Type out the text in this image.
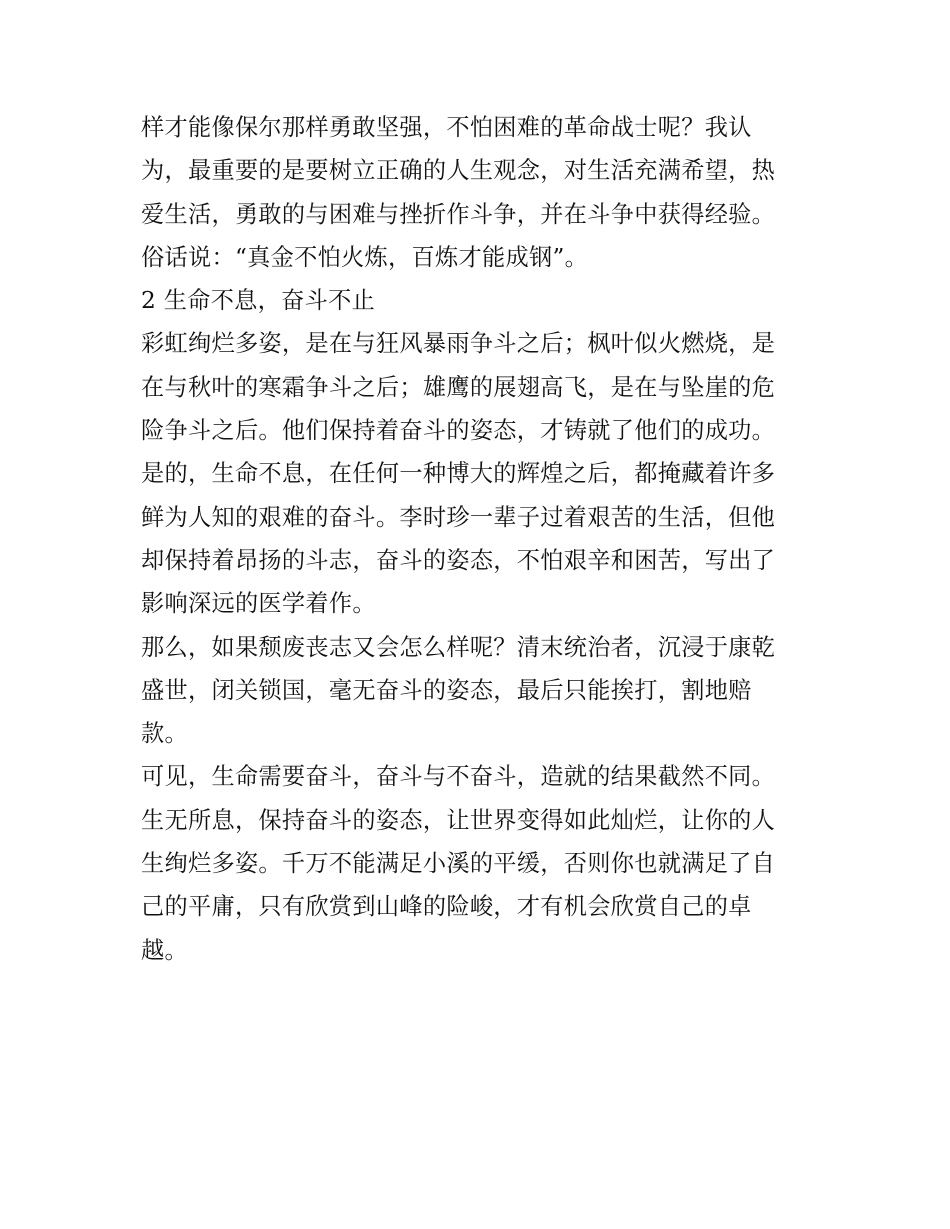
样才能像保尔那样勇敢坚强，不怕困难的革命战士呢？我认
为，最重要的是要树立正确的人生观念，对生活充满希望，热
爱生活，勇敢的与困难与挫折作斗争，并在斗争中获得经验。
俗话说：“真金不怕火炼，百炼才能成钢”。
2 生命不息，奋斗不止
彩虹绚烂多姿，是在与狂风暴雨争斗之后；枫叶似火燃烧，是
在与秋叶的寒霜争斗之后；雄鹰的展翅高飞，是在与坠崖的危
险争斗之后。他们保持着奋斗的姿态，才铸就了他们的成功。
是的，生命不息，在任何一种博大的辉煌之后，都掩藏着许多
鲜为人知的艰难的奋斗。李时珍一辈子过着艰苦的生活，但他
却保持着昂扬的斗志，奋斗的姿态，不怕艰辛和困苦，写出了
影响深远的医学着作。
那么，如果颓废丧志又会怎么样呢？清末统治者，沉浸于康乾
盛世，闭关锁国，毫无奋斗的姿态，最后只能挨打，割地赔
款。
可见，生命需要奋斗，奋斗与不奋斗，造就的结果截然不同。
生无所息，保持奋斗的姿态，让世界变得如此灿烂，让你的人
生绚烂多姿。千万不能满足小溪的平缓，否则你也就满足了自
己的平庸，只有欣赏到山峰的险峻，才有机会欣赏自己的卓
越。
